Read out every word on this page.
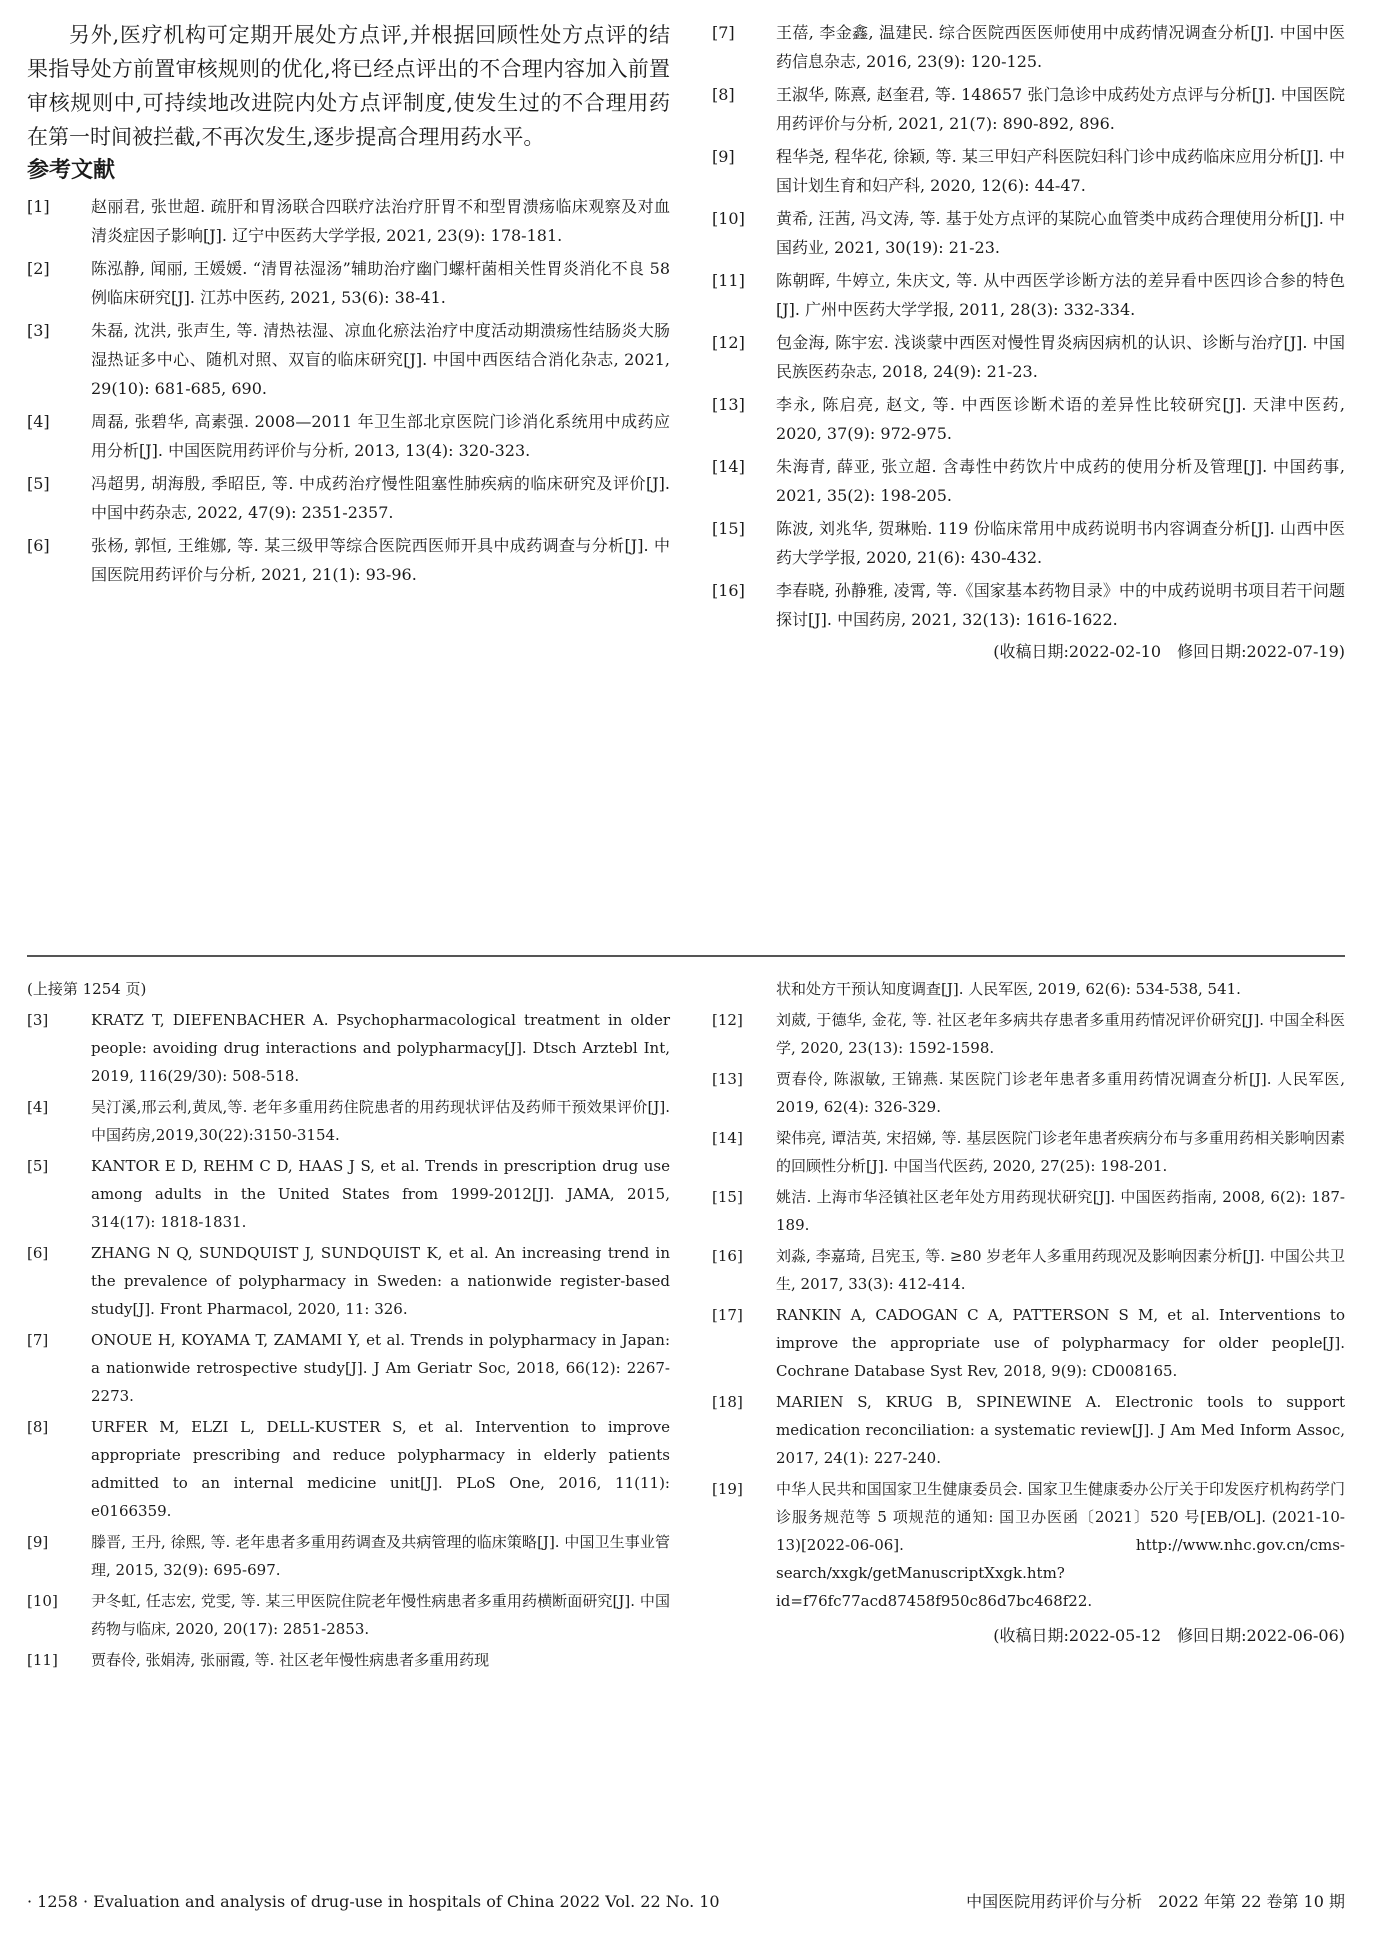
另外,医疗机构可定期开展处方点评,并根据回顾性处方点评的结果指导处方前置审核规则的优化,将已经点评出的不合理内容加入前置审核规则中,可持续地改进院内处方点评制度,使发生过的不合理用药在第一时间被拦截,不再次发生,逐步提高合理用药水平。

参考文献
[1]	赵丽君, 张世超. 疏肝和胃汤联合四联疗法治疗肝胃不和型胃溃疡临床观察及对血清炎症因子影响[J]. 辽宁中医药大学学报, 2021, 23(9): 178-181.
[2]	陈泓静, 闻丽, 王媛媛. “清胃祛湿汤”辅助治疗幽门螺杆菌相关性胃炎消化不良 58 例临床研究[J]. 江苏中医药, 2021, 53(6): 38-41.
[3]	朱磊, 沈洪, 张声生, 等. 清热祛湿、凉血化瘀法治疗中度活动期溃疡性结肠炎大肠湿热证多中心、随机对照、双盲的临床研究[J]. 中国中西医结合消化杂志, 2021, 29(10): 681-685, 690.
[4]	周磊, 张碧华, 高素强. 2008—2011 年卫生部北京医院门诊消化系统用中成药应用分析[J]. 中国医院用药评价与分析, 2013, 13(4): 320-323.
[5]	冯超男, 胡海殷, 季昭臣, 等. 中成药治疗慢性阻塞性肺疾病的临床研究及评价[J]. 中国中药杂志, 2022, 47(9): 2351-2357.
[6]	张杨, 郭恒, 王维娜, 等. 某三级甲等综合医院西医师开具中成药调查与分析[J]. 中国医院用药评价与分析, 2021, 21(1): 93-96.
[7]	王蓓, 李金鑫, 温建民. 综合医院西医医师使用中成药情况调查分析[J]. 中国中医药信息杂志, 2016, 23(9): 120-125.
[8]	王淑华, 陈熹, 赵奎君, 等. 148657 张门急诊中成药处方点评与分析[J]. 中国医院用药评价与分析, 2021, 21(7): 890-892, 896.
[9]	程华尧, 程华花, 徐颖, 等. 某三甲妇产科医院妇科门诊中成药临床应用分析[J]. 中国计划生育和妇产科, 2020, 12(6): 44-47.
[10]	黄希, 汪茜, 冯文涛, 等. 基于处方点评的某院心血管类中成药合理使用分析[J]. 中国药业, 2021, 30(19): 21-23.
[11]	陈朝晖, 牛婷立, 朱庆文, 等. 从中西医学诊断方法的差异看中医四诊合参的特色[J]. 广州中医药大学学报, 2011, 28(3): 332-334.
[12]	包金海, 陈宇宏. 浅谈蒙中西医对慢性胃炎病因病机的认识、诊断与治疗[J]. 中国民族医药杂志, 2018, 24(9): 21-23.
[13]	李永, 陈启亮, 赵文, 等. 中西医诊断术语的差异性比较研究[J]. 天津中医药, 2020, 37(9): 972-975.
[14]	朱海青, 薛亚, 张立超. 含毒性中药饮片中成药的使用分析及管理[J]. 中国药事, 2021, 35(2): 198-205.
[15]	陈波, 刘兆华, 贺琳贻. 119 份临床常用中成药说明书内容调查分析[J]. 山西中医药大学学报, 2020, 21(6): 430-432.
[16]	李春晓, 孙静雅, 凌霄, 等.《国家基本药物目录》中的中成药说明书项目若干问题探讨[J]. 中国药房, 2021, 32(13): 1616-1622.
(收稿日期:2022-02-10　修回日期:2022-07-19)
(上接第 1254 页)
[3]	KRATZ T, DIEFENBACHER A. Psychopharmacological treatment in older people: avoiding drug interactions and polypharmacy[J]. Dtsch Arztebl Int, 2019, 116(29/30): 508-518.
[4]	吴汀溪,邢云利,黄凤,等. 老年多重用药住院患者的用药现状评估及药师干预效果评价[J]. 中国药房,2019,30(22):3150-3154.
[5]	KANTOR E D, REHM C D, HAAS J S, et al. Trends in prescription drug use among adults in the United States from 1999-2012[J]. JAMA, 2015, 314(17): 1818-1831.
[6]	ZHANG N Q, SUNDQUIST J, SUNDQUIST K, et al. An increasing trend in the prevalence of polypharmacy in Sweden: a nationwide register-based study[J]. Front Pharmacol, 2020, 11: 326.
[7]	ONOUE H, KOYAMA T, ZAMAMI Y, et al. Trends in polypharmacy in Japan: a nationwide retrospective study[J]. J Am Geriatr Soc, 2018, 66(12): 2267-2273.
[8]	URFER M, ELZI L, DELL-KUSTER S, et al. Intervention to improve appropriate prescribing and reduce polypharmacy in elderly patients admitted to an internal medicine unit[J]. PLoS One, 2016, 11(11): e0166359.
[9]	滕晋, 王丹, 徐熙, 等. 老年患者多重用药调查及共病管理的临床策略[J]. 中国卫生事业管理, 2015, 32(9): 695-697.
[10]	尹冬虹, 任志宏, 党雯, 等. 某三甲医院住院老年慢性病患者多重用药横断面研究[J]. 中国药物与临床, 2020, 20(17): 2851-2853.
[11]	贾春伶, 张娟涛, 张丽霞, 等. 社区老年慢性病患者多重用药现
状和处方干预认知度调查[J]. 人民军医, 2019, 62(6): 534-538, 541.
[12]	刘葳, 于德华, 金花, 等. 社区老年多病共存患者多重用药情况评价研究[J]. 中国全科医学, 2020, 23(13): 1592-1598.
[13]	贾春伶, 陈淑敏, 王锦燕. 某医院门诊老年患者多重用药情况调查分析[J]. 人民军医, 2019, 62(4): 326-329.
[14]	梁伟亮, 谭洁英, 宋招娣, 等. 基层医院门诊老年患者疾病分布与多重用药相关影响因素的回顾性分析[J]. 中国当代医药, 2020, 27(25): 198-201.
[15]	姚洁. 上海市华泾镇社区老年处方用药现状研究[J]. 中国医药指南, 2008, 6(2): 187-189.
[16]	刘淼, 李嘉琦, 吕宪玉, 等. ≥80 岁老年人多重用药现况及影响因素分析[J]. 中国公共卫生, 2017, 33(3): 412-414.
[17]	RANKIN A, CADOGAN C A, PATTERSON S M, et al. Interventions to improve the appropriate use of polypharmacy for older people[J]. Cochrane Database Syst Rev, 2018, 9(9): CD008165.
[18]	MARIEN S, KRUG B, SPINEWINE A. Electronic tools to support medication reconciliation: a systematic review[J]. J Am Med Inform Assoc, 2017, 24(1): 227-240.
[19]	中华人民共和国国家卫生健康委员会. 国家卫生健康委办公厅关于印发医疗机构药学门诊服务规范等 5 项规范的通知: 国卫办医函〔2021〕520 号[EB/OL]. (2021-10-13)[2022-06-06]. http://www.nhc.gov.cn/cms-search/xxgk/getManuscriptXxgk.htm? id=f76fc77acd87458f950c86d7bc468f22.
(收稿日期:2022-05-12　修回日期:2022-06-06)
· 1258 · Evaluation and analysis of drug-use in hospitals of China 2022 Vol. 22 No. 10	中国医院用药评价与分析　2022 年第 22 卷第 10 期
